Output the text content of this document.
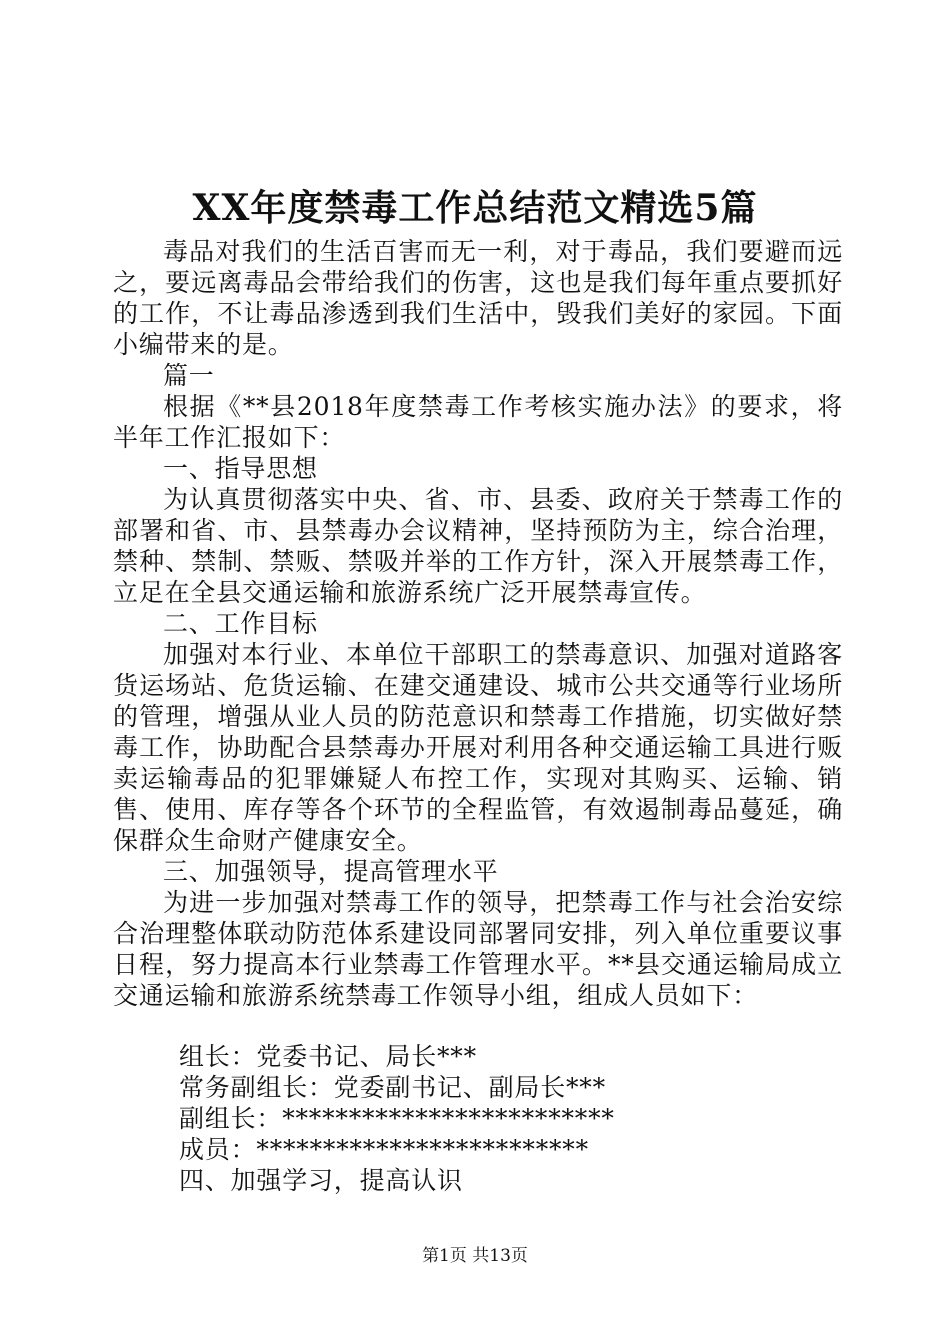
XX年度禁毒工作总结范文精选5篇

毒品对我们的生活百害而无一利，对于毒品，我们要避而远之，要远离毒品会带给我们的伤害，这也是我们每年重点要抓好的工作，不让毒品渗透到我们生活中，毁我们美好的家园。下面小编带来的是。

篇一

根据《**县2018年度禁毒工作考核实施办法》的要求，将半年工作汇报如下：

一、指导思想

为认真贯彻落实中央、省、市、县委、政府关于禁毒工作的部署和省、市、县禁毒办会议精神，坚持预防为主，综合治理，禁种、禁制、禁贩、禁吸并举的工作方针，深入开展禁毒工作，立足在全县交通运输和旅游系统广泛开展禁毒宣传。

二、工作目标

加强对本行业、本单位干部职工的禁毒意识、加强对道路客货运场站、危货运输、在建交通建设、城市公共交通等行业场所的管理，增强从业人员的防范意识和禁毒工作措施，切实做好禁毒工作，协助配合县禁毒办开展对利用各种交通运输工具进行贩卖运输毒品的犯罪嫌疑人布控工作，实现对其购买、运输、销售、使用、库存等各个环节的全程监管，有效遏制毒品蔓延，确保群众生命财产健康安全。

三、加强领导，提高管理水平

为进一步加强对禁毒工作的领导，把禁毒工作与社会治安综合治理整体联动防范体系建设同部署同安排，列入单位重要议事日程，努力提高本行业禁毒工作管理水平。**县交通运输局成立交通运输和旅游系统禁毒工作领导小组，组成人员如下：

组长：党委书记、局长***
常务副组长：党委副书记、副局长***
副组长：*************************
成员：*************************
四、加强学习，提高认识
第1页 共13页
